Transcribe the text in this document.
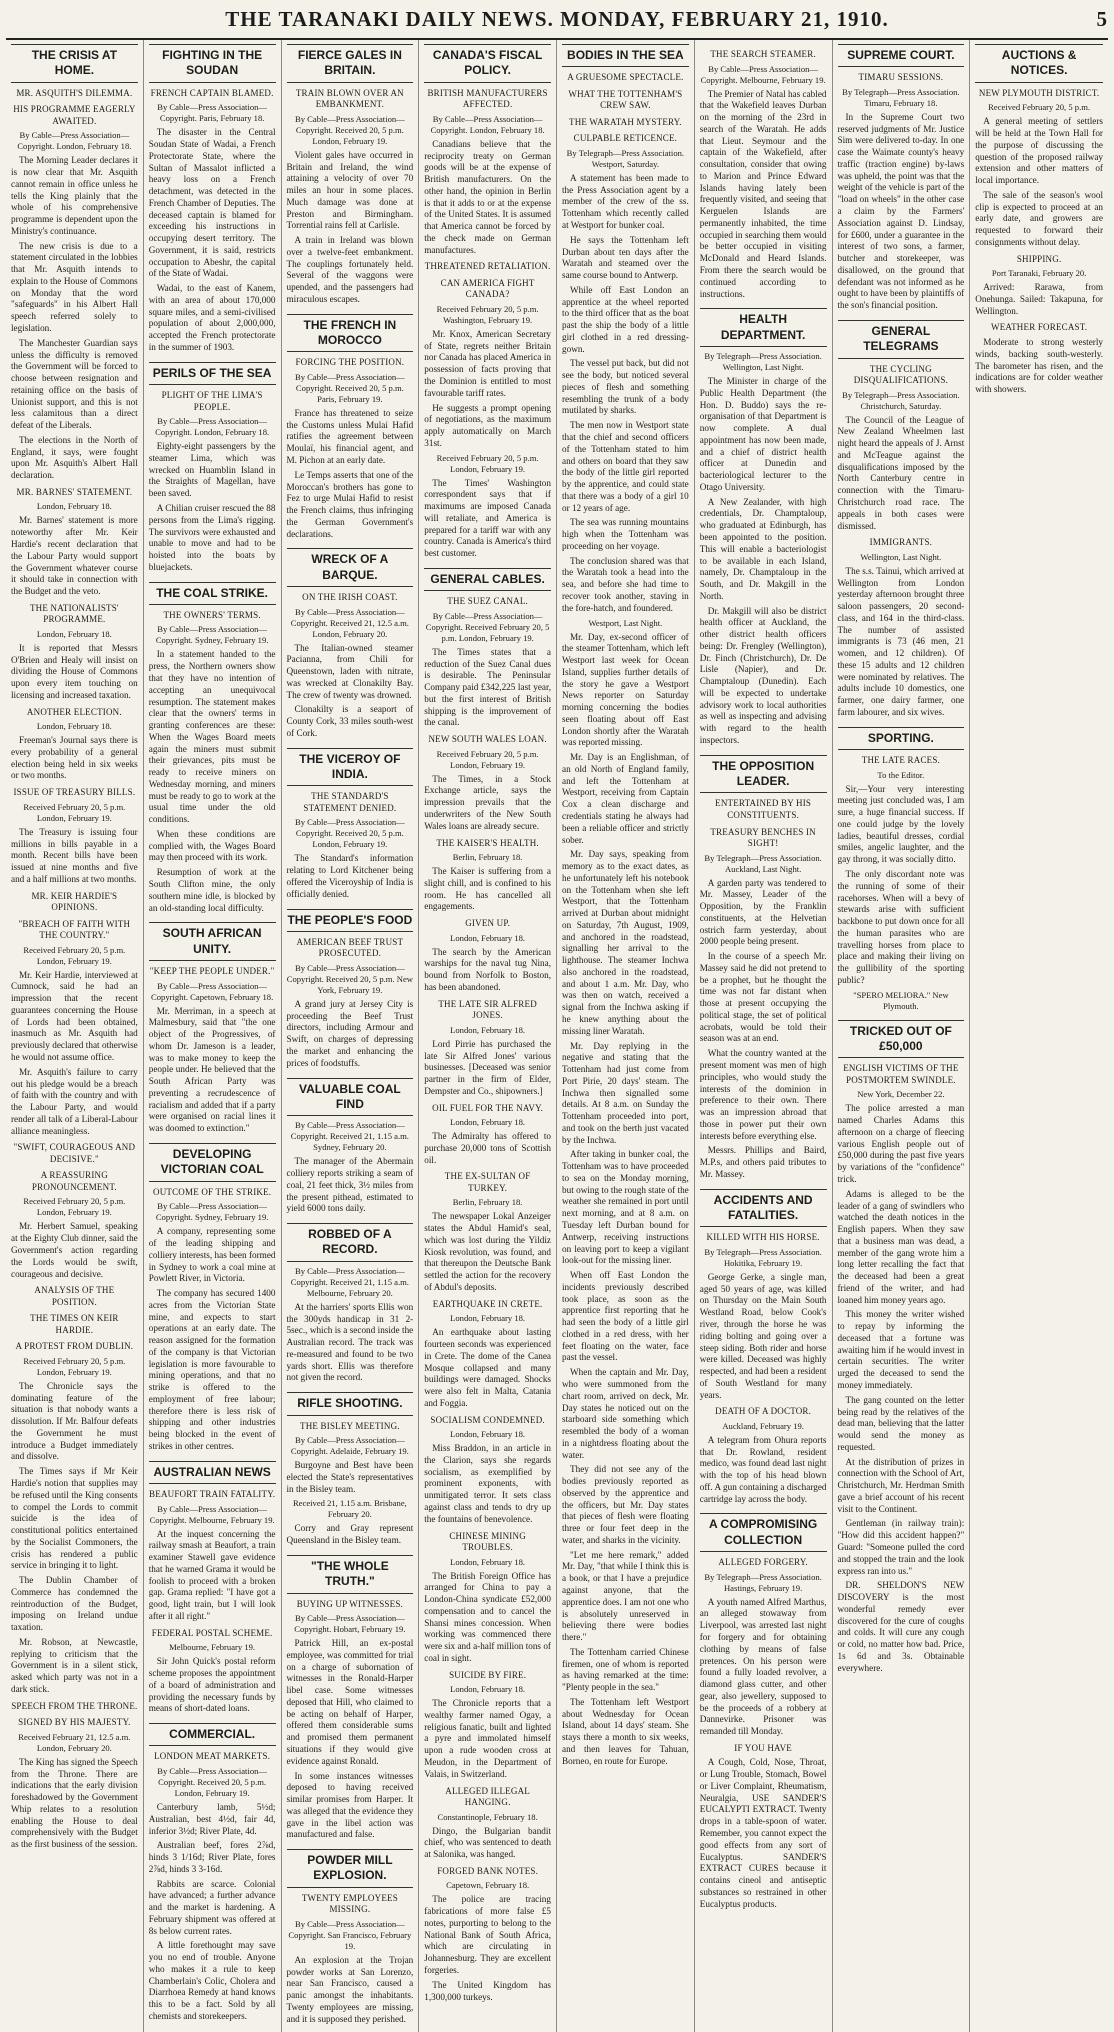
THE TARANAKI DAILY NEWS. MONDAY, FEBRUARY 21, 1910.	5
THE CRISIS AT HOME.
MR. ASQUITH'S DILEMMA.
HIS PROGRAMME EAGERLY AWAITED.
By Cable—Press Association—Copyright. London, February 18.
The Morning Leader declares it is now clear that Mr. Asquith cannot remain in office unless he tells the King plainly that the whole of his comprehensive programme is dependent upon the Ministry's continuance.
The new crisis is due to a statement circulated in the lobbies that Mr. Asquith intends to explain to the House of Commons on Monday that the word "safeguards" in his Albert Hall speech referred solely to legislation.
The Manchester Guardian says unless the difficulty is removed the Government will be forced to choose between resignation and retaining office on the basis of Unionist support, and this is not less calamitous than a direct defeat of the Liberals.
The elections in the North of England, it says, were fought upon Mr. Asquith's Albert Hall declaration.
MR. BARNES' STATEMENT.
London, February 18.
Mr. Barnes' statement is more noteworthy after Mr. Keir Hardie's recent declaration that the Labour Party would support the Government whatever course it should take in connection with the Budget and the veto.
THE NATIONALISTS' PROGRAMME.
London, February 18.
It is reported that Messrs O'Brien and Healy will insist on dividing the House of Commons upon every item touching on licensing and increased taxation.
ANOTHER ELECTION.
London, February 18.
Freeman's Journal says there is every probability of a general election being held in six weeks or two months.
ISSUE OF TREASURY BILLS.
Received February 20, 5 p.m. London, February 19.
The Treasury is issuing four millions in bills payable in a month. Recent bills have been issued at nine months and five and a half millions at two months.
MR. KEIR HARDIE'S OPINIONS.
"BREACH OF FAITH WITH THE COUNTRY."
Received February 20, 5 p.m. London, February 19.
Mr. Keir Hardie, interviewed at Cumnock, said he had an impression that the recent guarantees concerning the House of Lords had been obtained, inasmuch as Mr. Asquith had previously declared that otherwise he would not assume office.
Mr. Asquith's failure to carry out his pledge would be a breach of faith with the country and with the Labour Party, and would render all talk of a Liberal-Labour alliance meaningless.
"SWIFT, COURAGEOUS AND DECISIVE."
A REASSURING PRONOUNCEMENT.
Received February 20, 5 p.m. London, February 19.
Mr. Herbert Samuel, speaking at the Eighty Club dinner, said the Government's action regarding the Lords would be swift, courageous and decisive.
ANALYSIS OF THE POSITION.
THE TIMES ON KEIR HARDIE.
A PROTEST FROM DUBLIN.
Received February 20, 5 p.m. London, February 19.
The Chronicle says the dominating feature of the situation is that nobody wants a dissolution. If Mr. Balfour defeats the Government he must introduce a Budget immediately and dissolve.
The Times says if Mr Keir Hardie's notion that supplies may be refused until the King consents to compel the Lords to commit suicide is the idea of constitutional politics entertained by the Socialist Commoners, the crisis has rendered a public service in bringing it to light.
The Dublin Chamber of Commerce has condemned the reintroduction of the Budget, imposing on Ireland undue taxation.
Mr. Robson, at Newcastle, replying to criticism that the Government is in a silent stick, asked which party was not in a dark stick.
SPEECH FROM THE THRONE.
SIGNED BY HIS MAJESTY.
Received February 21, 12.5 a.m. London, February 20.
The King has signed the Speech from the Throne. There are indications that the early division foreshadowed by the Government Whip relates to a resolution enabling the House to deal comprehensively with the Budget as the first business of the session.
FIGHTING IN THE SOUDAN
FRENCH CAPTAIN BLAMED.
By Cable—Press Association—Copyright. Paris, February 18.
The disaster in the Central Soudan State of Wadai, a French Protectorate State, where the Sultan of Massalot inflicted a heavy loss on a French detachment, was detected in the French Chamber of Deputies. The deceased captain is blamed for exceeding his instructions in occupying desert territory. The Government, it is said, restricts occupation to Abeshr, the capital of the State of Wadai.
Wadai, to the east of Kanem, with an area of about 170,000 square miles, and a semi-civilised population of about 2,000,000, accepted the French protectorate in the summer of 1903.
PERILS OF THE SEA
PLIGHT OF THE LIMA'S PEOPLE.
By Cable—Press Association—Copyright. London, February 18.
Eighty-eight passengers by the steamer Lima, which was wrecked on Huamblin Island in the Straights of Magellan, have been saved.
A Chilian cruiser rescued the 88 persons from the Lima's rigging. The survivors were exhausted and unable to move and had to be hoisted into the boats by bluejackets.
THE COAL STRIKE.
THE OWNERS' TERMS.
By Cable—Press Association—Copyright. Sydney, February 19.
In a statement handed to the press, the Northern owners show that they have no intention of accepting an unequivocal resumption. The statement makes clear that the owners' terms in granting conferences are these: When the Wages Board meets again the miners must submit their grievances, pits must be ready to receive miners on Wednesday morning, and miners must be ready to go to work at the usual time under the old conditions.
When these conditions are complied with, the Wages Board may then proceed with its work.
Resumption of work at the South Clifton mine, the only southern mine idle, is blocked by an old-standing local difficulty.
SOUTH AFRICAN UNITY.
"KEEP THE PEOPLE UNDER."
By Cable—Press Association—Copyright. Capetown, February 18.
Mr. Merriman, in a speech at Malmesbury, said that "the one object of the Progressives, of whom Dr. Jameson is a leader, was to make money to keep the people under. He believed that the South African Party was preventing a recrudescence of racialism and added that if a party were organised on racial lines it was doomed to extinction."
DEVELOPING VICTORIAN COAL
OUTCOME OF THE STRIKE.
By Cable—Press Association—Copyright. Sydney, February 19.
A company, representing some of the leading shipping and colliery interests, has been formed in Sydney to work a coal mine at Powlett River, in Victoria.
The company has secured 1400 acres from the Victorian State mine, and expects to start operations at an early date. The reason assigned for the formation of the company is that Victorian legislation is more favourable to mining operations, and that no strike is offered to the employment of free labour; therefore there is less risk of shipping and other industries being blocked in the event of strikes in other centres.
AUSTRALIAN NEWS
BEAUFORT TRAIN FATALITY.
By Cable—Press Association—Copyright. Melbourne, February 19.
At the inquest concerning the railway smash at Beaufort, a train examiner Stawell gave evidence that he warned Grama it would be foolish to proceed with a broken gap. Grama replied: "I have got a good, light train, but I will look after it all right."
FEDERAL POSTAL SCHEME.
Melbourne, February 19.
Sir John Quick's postal reform scheme proposes the appointment of a board of administration and providing the necessary funds by means of short-dated loans.
COMMERCIAL.
LONDON MEAT MARKETS.
By Cable—Press Association—Copyright. Received 20, 5 p.m. London, February 19.
Canterbury lamb, 5½d; Australian, best 4½d, fair 4d, inferior 3½d; River Plate, 4d.
Australian beef, fores 2⅞d, hinds 3 1/16d; River Plate, fores 2⅞d, hinds 3 3-16d.
Rabbits are scarce. Colonial have advanced; a further advance and the market is hardening. A February shipment was offered at 8s below current rates.
A little forethought may save you no end of trouble. Anyone who makes it a rule to keep Chamberlain's Colic, Cholera and Diarrhoea Remedy at hand knows this to be a fact. Sold by all chemists and storekeepers.
FIERCE GALES IN BRITAIN.
TRAIN BLOWN OVER AN EMBANKMENT.
By Cable—Press Association—Copyright. Received 20, 5 p.m. London, February 19.
Violent gales have occurred in Britain and Ireland, the wind attaining a velocity of over 70 miles an hour in some places. Much damage was done at Preston and Birmingham. Torrential rains fell at Carlisle.
A train in Ireland was blown over a twelve-feet embankment. The couplings fortunately held. Several of the waggons were upended, and the passengers had miraculous escapes.
THE FRENCH IN MOROCCO
FORCING THE POSITION.
By Cable—Press Association—Copyright. Received 20, 5 p.m. Paris, February 19.
France has threatened to seize the Customs unless Mulai Hafid ratifies the agreement between Moulaï, his financial agent, and M. Pichon at an early date.
Le Temps asserts that one of the Moroccan's brothers has gone to Fez to urge Mulai Hafid to resist the French claims, thus infringing the German Government's declarations.
WRECK OF A BARQUE.
ON THE IRISH COAST.
By Cable—Press Association—Copyright. Received 21, 12.5 a.m. London, February 20.
The Italian-owned steamer Pacianna, from Chili for Queenstown, laden with nitrate, was wrecked at Clonakilty Bay. The crew of twenty was drowned.
Clonakilty is a seaport of County Cork, 33 miles south-west of Cork.
THE VICEROY OF INDIA.
THE STANDARD'S STATEMENT DENIED.
By Cable—Press Association—Copyright. Received 20, 5 p.m. London, February 19.
The Standard's information relating to Lord Kitchener being offered the Viceroyship of India is officially denied.
THE PEOPLE'S FOOD
AMERICAN BEEF TRUST PROSECUTED.
By Cable—Press Association—Copyright. Received 20, 5 p.m. New York, February 19.
A grand jury at Jersey City is proceeding the Beef Trust directors, including Armour and Swift, on charges of depressing the market and enhancing the prices of foodstuffs.
VALUABLE COAL FIND
By Cable—Press Association—Copyright. Received 21, 1.15 a.m. Sydney, February 20.
The manager of the Abermain colliery reports striking a seam of coal, 21 feet thick, 3½ miles from the present pithead, estimated to yield 6000 tons daily.
ROBBED OF A RECORD.
By Cable—Press Association—Copyright. Received 21, 1.15 a.m. Melbourne, February 20.
At the harriers' sports Ellis won the 300yds handicap in 31 2-5sec., which is a second inside the Australian record. The track was re-measured and found to be two yards short. Ellis was therefore not given the record.
RIFLE SHOOTING.
THE BISLEY MEETING.
By Cable—Press Association—Copyright. Adelaide, February 19.
Burgoyne and Best have been elected the State's representatives in the Bisley team.
Received 21, 1.15 a.m. Brisbane, February 20.
Corry and Gray represent Queensland in the Bisley team.
"THE WHOLE TRUTH."
BUYING UP WITNESSES.
By Cable—Press Association—Copyright. Hobart, February 19.
Patrick Hill, an ex-postal employee, was committed for trial on a charge of subornation of witnesses in the Ronald-Harper libel case. Some witnesses deposed that Hill, who claimed to be acting on behalf of Harper, offered them considerable sums and promised them permanent situations if they would give evidence against Ronald.
In some instances witnesses deposed to having received similar promises from Harper. It was alleged that the evidence they gave in the libel action was manufactured and false.
POWDER MILL EXPLOSION.
TWENTY EMPLOYEES MISSING.
By Cable—Press Association—Copyright. San Francisco, February 19.
An explosion at the Trojan powder works at San Lorenzo, near San Francisco, caused a panic amongst the inhabitants. Twenty employees are missing, and it is supposed they perished.
CANADA'S FISCAL POLICY.
BRITISH MANUFACTURERS AFFECTED.
By Cable—Press Association—Copyright. London, February 18.
Canadians believe that the reciprocity treaty on German goods will be at the expense of British manufacturers. On the other hand, the opinion in Berlin is that it adds to or at the expense of the United States. It is assumed that America cannot be forced by the check made on German manufactures.
THREATENED RETALIATION.
CAN AMERICA FIGHT CANADA?
Received February 20, 5 p.m. Washington, February 19.
Mr. Knox, American Secretary of State, regrets neither Britain nor Canada has placed America in possession of facts proving that the Dominion is entitled to most favourable tariff rates.
He suggests a prompt opening of negotiations, as the maximum apply automatically on March 31st.
Received February 20, 5 p.m. London, February 19.
The Times' Washington correspondent says that if maximums are imposed Canada will retaliate, and America is prepared for a tariff war with any country. Canada is America's third best customer.
GENERAL CABLES.
THE SUEZ CANAL.
By Cable—Press Association—Copyright. Received February 20, 5 p.m. London, February 19.
The Times states that a reduction of the Suez Canal dues is desirable. The Peninsular Company paid £342,225 last year, but the first interest of British shipping is the improvement of the canal.
NEW SOUTH WALES LOAN.
Received February 20, 5 p.m. London, February 19.
The Times, in a Stock Exchange article, says the impression prevails that the underwriters of the New South Wales loans are already secure.
THE KAISER'S HEALTH.
Berlin, February 18.
The Kaiser is suffering from a slight chill, and is confined to his room. He has cancelled all engagements.
GIVEN UP.
London, February 18.
The search by the American warships for the naval tug Nina, bound from Norfolk to Boston, has been abandoned.
THE LATE SIR ALFRED JONES.
London, February 18.
Lord Pirrie has purchased the late Sir Alfred Jones' various businesses. [Deceased was senior partner in the firm of Elder, Dempster and Co., shipowners.]
OIL FUEL FOR THE NAVY.
London, February 18.
The Admiralty has offered to purchase 20,000 tons of Scottish oil.
THE EX-SULTAN OF TURKEY.
Berlin, February 18.
The newspaper Lokal Anzeiger states the Abdul Hamid's seal, which was lost during the Yildiz Kiosk revolution, was found, and that thereupon the Deutsche Bank settled the action for the recovery of Abdul's deposits.
EARTHQUAKE IN CRETE.
London, February 18.
An earthquake about lasting fourteen seconds was experienced in Crete. The dome of the Canea Mosque collapsed and many buildings were damaged. Shocks were also felt in Malta, Catania and Foggia.
SOCIALISM CONDEMNED.
London, February 18.
Miss Braddon, in an article in the Clarion, says she regards socialism, as exemplified by prominent exponents, with unmitigated terror. It sets class against class and tends to dry up the fountains of benevolence.
CHINESE MINING TROUBLES.
London, February 18.
The British Foreign Office has arranged for China to pay a London-China syndicate £52,000 compensation and to cancel the Shansi mines concession. When working was commenced there were six and a-half million tons of coal in sight.
SUICIDE BY FIRE.
London, February 18.
The Chronicle reports that a wealthy farmer named Ogay, a religious fanatic, built and lighted a pyre and immolated himself upon a rude wooden cross at Meudon, in the Department of Valais, in Switzerland.
ALLEGED ILLEGAL HANGING.
Constantinople, February 18.
Dingo, the Bulgarian bandit chief, who was sentenced to death at Salonika, was hanged.
FORGED BANK NOTES.
Capetown, February 18.
The police are tracing fabrications of more false £5 notes, purporting to belong to the National Bank of South Africa, which are circulating in Johannesburg. They are excellent forgeries.
The United Kingdom has 1,300,000 turkeys.
BODIES IN THE SEA
A GRUESOME SPECTACLE.
WHAT THE TOTTENHAM'S CREW SAW.
THE WARATAH MYSTERY.
CULPABLE RETICENCE.
By Telegraph—Press Association. Westport, Saturday.
A statement has been made to the Press Association agent by a member of the crew of the ss. Tottenham which recently called at Westport for bunker coal.
He says the Tottenham left Durban about ten days after the Waratah and steamed over the same course bound to Antwerp.
While off East London an apprentice at the wheel reported to the third officer that as the boat past the ship the body of a little girl clothed in a red dressing-gown.
The vessel put back, but did not see the body, but noticed several pieces of flesh and something resembling the trunk of a body mutilated by sharks.
The men now in Westport state that the chief and second officers of the Tottenham stated to him and others on board that they saw the body of the little girl reported by the apprentice, and could state that there was a body of a girl 10 or 12 years of age.
The sea was running mountains high when the Tottenham was proceeding on her voyage.
The conclusion shared was that the Waratah took a head into the sea, and before she had time to recover took another, staving in the fore-hatch, and foundered.
Westport, Last Night.
Mr. Day, ex-second officer of the steamer Tottenham, which left Westport last week for Ocean Island, supplies further details of the story he gave a Westport News reporter on Saturday morning concerning the bodies seen floating about off East London shortly after the Waratah was reported missing.
Mr. Day is an Englishman, of an old North of England family, and left the Tottenham at Westport, receiving from Captain Cox a clean discharge and credentials stating he always had been a reliable officer and strictly sober.
Mr. Day says, speaking from memory as to the exact dates, as he unfortunately left his notebook on the Tottenham when she left Westport, that the Tottenham arrived at Durban about midnight on Saturday, 7th August, 1909, and anchored in the roadstead, signalling her arrival to the lighthouse. The steamer Inchwa also anchored in the roadstead, and about 1 a.m. Mr. Day, who was then on watch, received a signal from the Inchwa asking if he knew anything about the missing liner Waratah.
Mr. Day replying in the negative and stating that the Tottenham had just come from Port Pirie, 20 days' steam. The Inchwa then signalled some details. At 8 a.m. on Sunday the Tottenham proceeded into port, and took on the berth just vacated by the Inchwa.
After taking in bunker coal, the Tottenham was to have proceeded to sea on the Monday morning, but owing to the rough state of the weather she remained in port until next morning, and at 8 a.m. on Tuesday left Durban bound for Antwerp, receiving instructions on leaving port to keep a vigilant look-out for the missing liner.
When off East London the incidents previously described took place, as soon as the apprentice first reporting that he had seen the body of a little girl clothed in a red dress, with her feet floating on the water, face past the vessel.
When the captain and Mr. Day, who were summoned from the chart room, arrived on deck, Mr. Day states he noticed out on the starboard side something which resembled the body of a woman in a nightdress floating about the water.
They did not see any of the bodies previously reported as observed by the apprentice and the officers, but Mr. Day states that pieces of flesh were floating three or four feet deep in the water, and sharks in the vicinity.
"Let me here remark," added Mr. Day, "that while I think this is a book, or that I have a prejudice against anyone, that the apprentice does. I am not one who is absolutely unreserved in believing there were bodies there."
The Tottenham carried Chinese firemen, one of whom is reported as having remarked at the time: "Plenty people in the sea."
The Tottenham left Westport about Wednesday for Ocean Island, about 14 days' steam. She stays there a month to six weeks, and then leaves for Tahuan, Borneo, en route for Europe.
THE SEARCH STEAMER.
By Cable—Press Association—Copyright. Melbourne, February 19.
The Premier of Natal has cabled that the Wakefield leaves Durban on the morning of the 23rd in search of the Waratah. He adds that Lieut. Seymour and the captain of the Wakefield, after consultation, consider that owing to Marion and Prince Edward Islands having lately been frequently visited, and seeing that Kerguelen Islands are permanently inhabited, the time occupied in searching them would be better occupied in visiting McDonald and Heard Islands. From there the search would be continued according to instructions.
HEALTH DEPARTMENT.
By Telegraph—Press Association. Wellington, Last Night.
The Minister in charge of the Public Health Department (the Hon. D. Buddo) says the re-organisation of that Department is now complete. A dual appointment has now been made, and a chief of district health officer at Dunedin and bacteriological lecturer to the Otago University.
A New Zealander, with high credentials, Dr. Champtaloup, who graduated at Edinburgh, has been appointed to the position. This will enable a bacteriologist to be available in each Island, namely, Dr. Champtaloup in the South, and Dr. Makgill in the North.
Dr. Makgill will also be district health officer at Auckland, the other district health officers being: Dr. Frengley (Wellington), Dr. Finch (Christchurch), Dr. De Lisle (Napier), and Dr. Champtaloup (Dunedin). Each will be expected to undertake advisory work to local authorities as well as inspecting and advising with regard to the health inspectors.
THE OPPOSITION LEADER.
ENTERTAINED BY HIS CONSTITUENTS.
TREASURY BENCHES IN SIGHT!
By Telegraph—Press Association. Auckland, Last Night.
A garden party was tendered to Mr. Massey, Leader of the Opposition, by the Franklin constituents, at the Helvetian ostrich farm yesterday, about 2000 people being present.
In the course of a speech Mr. Massey said he did not pretend to be a prophet, but he thought the time was not far distant when those at present occupying the political stage, the set of political acrobats, would be told their season was at an end.
What the country wanted at the present moment was men of high principles, who would study the interests of the dominion in preference to their own. There was an impression abroad that those in power put their own interests before everything else.
Messrs. Phillips and Baird, M.P.s, and others paid tributes to Mr. Massey.
ACCIDENTS AND FATALITIES.
KILLED WITH HIS HORSE.
By Telegraph—Press Association. Hokitika, February 19.
George Gerke, a single man, aged 50 years of age, was killed on Thursday on the Main South Westland Road, below Cook's river, through the horse he was riding bolting and going over a steep siding. Both rider and horse were killed. Deceased was highly respected, and had been a resident of South Westland for many years.
DEATH OF A DOCTOR.
Auckland, February 19.
A telegram from Ohura reports that Dr. Rowland, resident medico, was found dead last night with the top of his head blown off. A gun containing a discharged cartridge lay across the body.
A COMPROMISING COLLECTION
ALLEGED FORGERY.
By Telegraph—Press Association. Hastings, February 19.
A youth named Alfred Marthus, an alleged stowaway from Liverpool, was arrested last night for forgery and for obtaining clothing by means of false pretences. On his person were found a fully loaded revolver, a diamond glass cutter, and other gear, also jewellery, supposed to be the proceeds of a robbery at Dannevirke. Prisoner was remanded till Monday.
IF YOU HAVE
A Cough, Cold, Nose, Throat, or Lung Trouble, Stomach, Bowel or Liver Complaint, Rheumatism, Neuralgia, USE SANDER'S EUCALYPTI EXTRACT. Twenty drops in a table-spoon of water. Remember, you cannot expect the good effects from any sort of Eucalyptus. SANDER'S EXTRACT CURES because it contains cineol and antiseptic substances so restrained in other Eucalyptus products.
SUPREME COURT.
TIMARU SESSIONS.
By Telegraph—Press Association. Timaru, February 18.
In the Supreme Court two reserved judgments of Mr. Justice Sim were delivered to-day. In one case the Waimate county's heavy traffic (traction engine) by-laws was upheld, the point was that the weight of the vehicle is part of the "load on wheels" in the other case a claim by the Farmers' Association against D. Lindsay, for £600, under a guarantee in the interest of two sons, a farmer, butcher and storekeeper, was disallowed, on the ground that defendant was not informed as he ought to have been by plaintiffs of the son's financial position.
GENERAL TELEGRAMS
THE CYCLING DISQUALIFICATIONS.
By Telegraph—Press Association. Christchurch, Saturday.
The Council of the League of New Zealand Wheelmen last night heard the appeals of J. Arnst and McTeague against the disqualifications imposed by the North Canterbury centre in connection with the Timaru-Christchurch road race. The appeals in both cases were dismissed.
IMMIGRANTS.
Wellington, Last Night.
The s.s. Tainui, which arrived at Wellington from London yesterday afternoon brought three saloon passengers, 20 second-class, and 164 in the third-class. The number of assisted immigrants is 73 (46 men, 21 women, and 12 children). Of these 15 adults and 12 children were nominated by relatives. The adults include 10 domestics, one farmer, one dairy farmer, one farm labourer, and six wives.
SPORTING.
THE LATE RACES.
To the Editor.
Sir,—Your very interesting meeting just concluded was, I am sure, a huge financial success. If one could judge by the lovely ladies, beautiful dresses, cordial smiles, angelic laughter, and the gay throng, it was socially ditto.
The only discordant note was the running of some of their racehorses. When will a bevy of stewards arise with sufficient backbone to put down once for all the human parasites who are travelling horses from place to place and making their living on the gullibility of the sporting public?
"SPERO MELIORA." New Plymouth.
TRICKED OUT OF £50,000
ENGLISH VICTIMS OF THE POSTMORTEM SWINDLE.
New York, December 22.
The police arrested a man named Charles Adams this afternoon on a charge of fleecing various English people out of £50,000 during the past five years by variations of the "confidence" trick.
Adams is alleged to be the leader of a gang of swindlers who watched the death notices in the English papers. When they saw that a business man was dead, a member of the gang wrote him a long letter recalling the fact that the deceased had been a great friend of the writer, and had loaned him money years ago.
This money the writer wished to repay by informing the deceased that a fortune was awaiting him if he would invest in certain securities. The writer urged the deceased to send the money immediately.
The gang counted on the letter being read by the relatives of the dead man, believing that the latter would send the money as requested.
At the distribution of prizes in connection with the School of Art, Christchurch, Mr. Herdman Smith gave a brief account of his recent visit to the Continent.
Gentleman (in railway train): "How did this accident happen?" Guard: "Someone pulled the cord and stopped the train and the look express ran into us."
DR. SHELDON'S NEW DISCOVERY is the most wonderful remedy ever discovered for the cure of coughs and colds. It will cure any cough or cold, no matter how bad. Price, 1s 6d and 3s. Obtainable everywhere.
AUCTIONS & NOTICES.
NEW PLYMOUTH DISTRICT.
Received February 20, 5 p.m.
A general meeting of settlers will be held at the Town Hall for the purpose of discussing the question of the proposed railway extension and other matters of local importance.
The sale of the season's wool clip is expected to proceed at an early date, and growers are requested to forward their consignments without delay.
SHIPPING.
Port Taranaki, February 20.
Arrived: Rarawa, from Onehunga. Sailed: Takapuna, for Wellington.
WEATHER FORECAST.
Moderate to strong westerly winds, backing south-westerly. The barometer has risen, and the indications are for colder weather with showers.
